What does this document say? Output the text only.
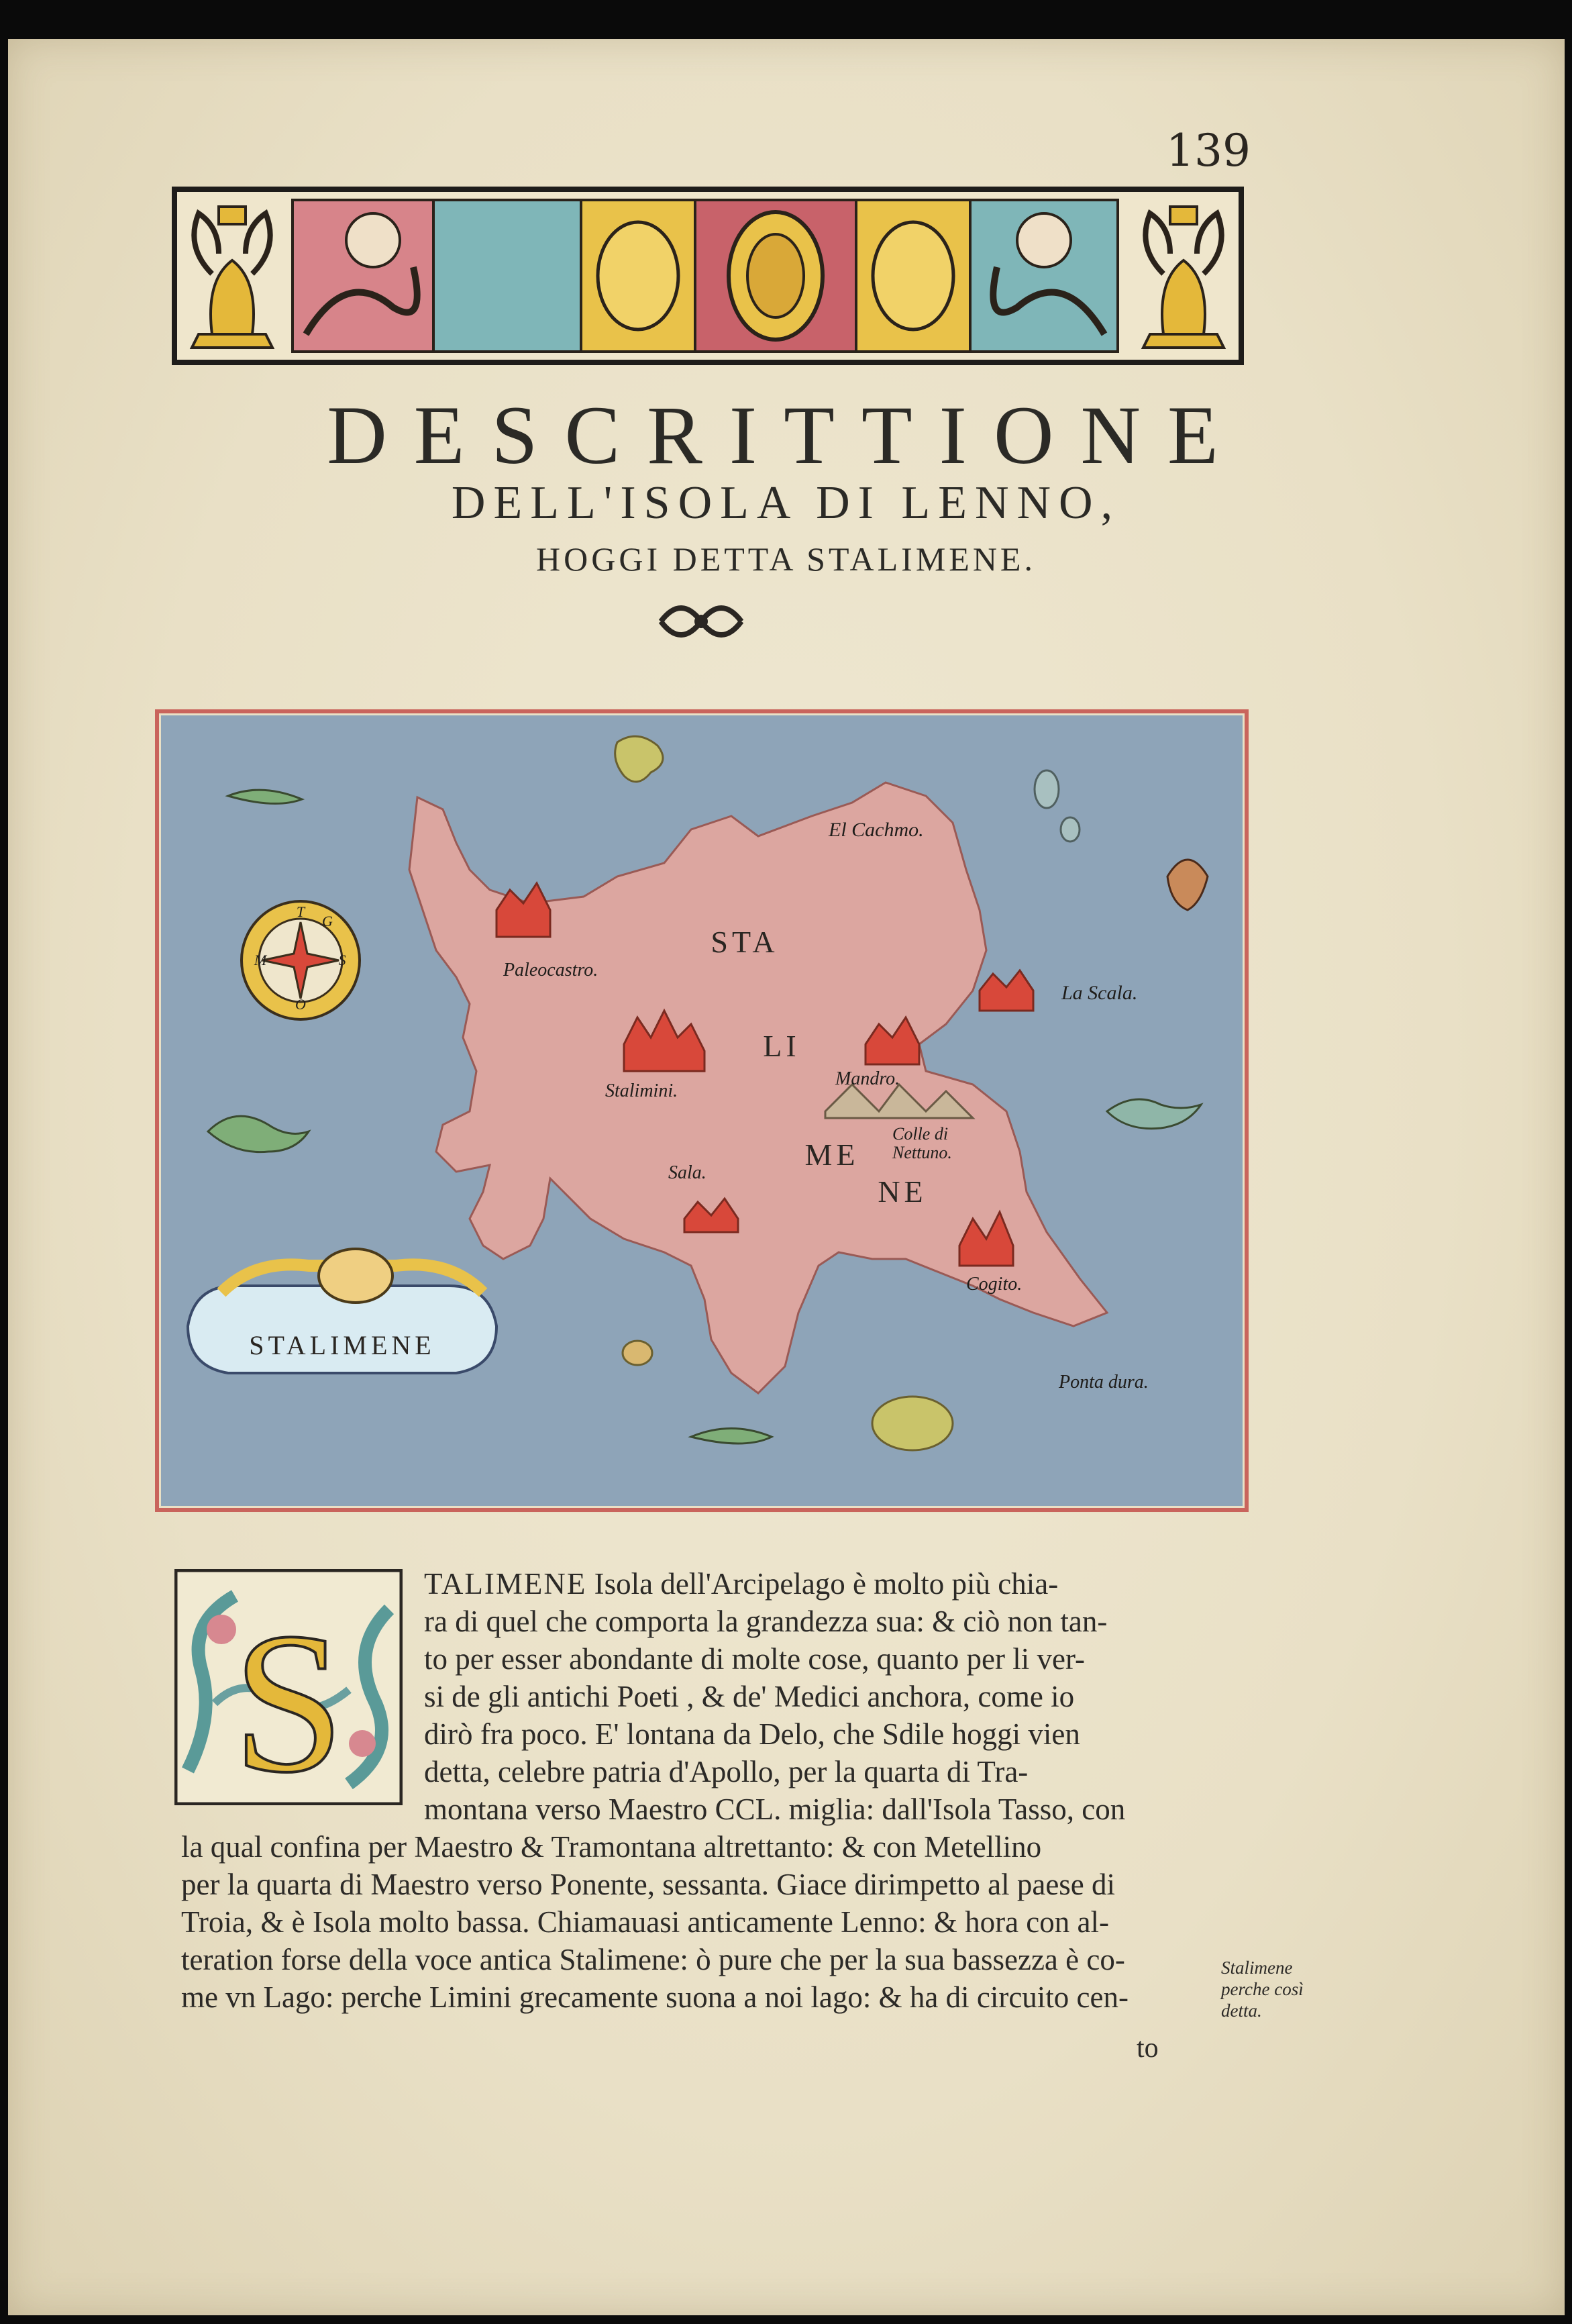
139
DESCRITTIONE
DELL'ISOLA DI LENNO,
HOGGI DETTA STALIMENE.
T
G
S
O
M
STALIMENE
STA
LI
ME
NE
El Cachmo.
Paleocastro.
La Scala.
Mandro.
Stalimini.
Colle di
Nettuno.
Sala.
Cogito.
Ponta dura.
S
TALIMENE Isola dell'Arcipelago è molto più chia-
ra di quel che comporta la grandezza sua: & ciò non tan-
to per esser abondante di molte cose, quanto per li ver-
si de gli antichi Poeti , & de' Medici anchora, come io
dirò fra poco. E' lontana da Delo, che Sdile hoggi vien
detta, celebre patria d'Apollo, per la quarta di Tra-
montana verso Maestro CCL. miglia: dall'Isola Tasso, con
la qual confina per Maestro & Tramontana altrettanto: & con Metellino
per la quarta di Maestro verso Ponente, sessanta. Giace dirimpetto al paese di
Troia, & è Isola molto bassa. Chiamauasi anticamente Lenno: & hora con al-
teration forse della voce antica Stalimene: ò pure che per la sua bassezza è co-
me vn Lago: perche Limini grecamente suona a noi lago: & ha di circuito cen-
Stalimene
perche così
detta.
to
